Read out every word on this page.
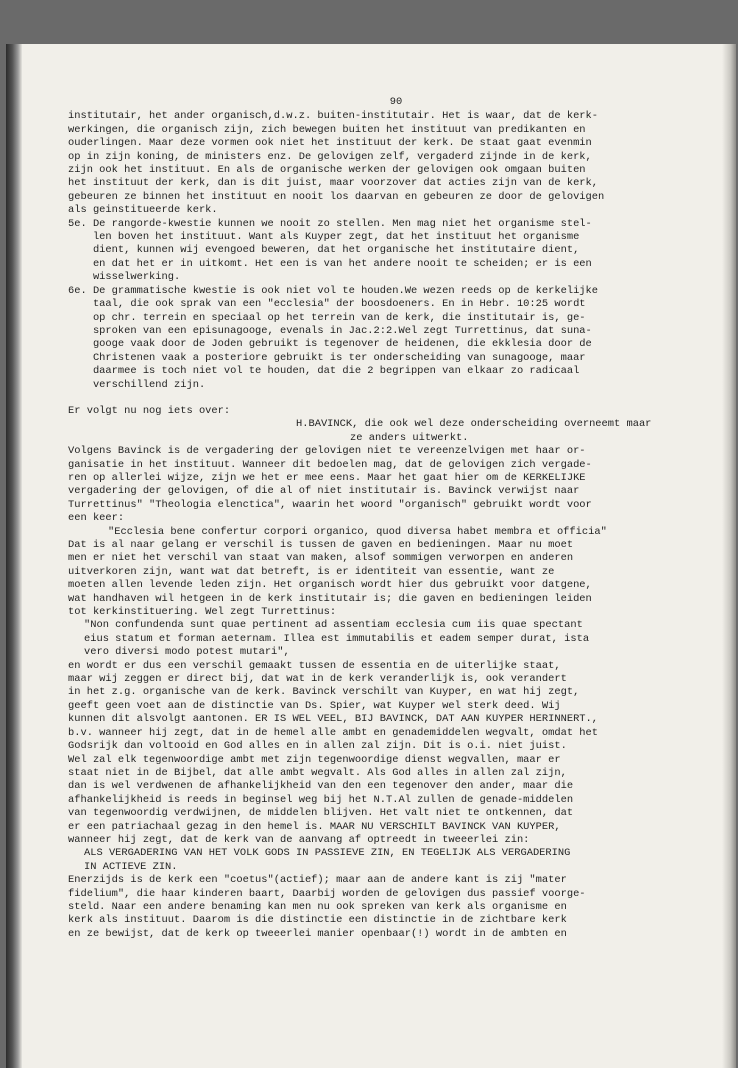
90
institutair, het ander organisch,d.w.z. buiten-institutair. Het is waar, dat de kerk-
werkingen, die organisch zijn, zich bewegen buiten het instituut van predikanten en
ouderlingen. Maar deze vormen ook niet het instituut der kerk. De staat gaat evenmin
op in zijn koning, de ministers enz. De gelovigen zelf, vergaderd zijnde in de kerk,
zijn ook het instituut. En als de organische werken der gelovigen ook omgaan buiten
het instituut der kerk, dan is dit juist, maar voorzover dat acties zijn van de kerk,
gebeuren ze binnen het instituut en nooit los daarvan en gebeuren ze door de gelovigen
als geinstitueerde kerk.
5e. De rangorde-kwestie kunnen we nooit zo stellen. Men mag niet het organisme stel-
len boven het instituut. Want als Kuyper zegt, dat het instituut het organisme
dient, kunnen wij evengoed beweren, dat het organische het institutaire dient,
en dat het er in uitkomt. Het een is van het andere nooit te scheiden; er is een
wisselwerking.
6e. De grammatische kwestie is ook niet vol te houden.We wezen reeds op de kerkelijke
taal, die ook sprak van een "ecclesia" der boosdoeners. En in Hebr. 10:25 wordt
op chr. terrein en speciaal op het terrein van de kerk, die institutair is, ge-
sproken van een episunagooge, evenals in Jac.2:2.Wel zegt Turrettinus, dat suna-
googe vaak door de Joden gebruikt is tegenover de heidenen, die ekklesia door de
Christenen vaak a posteriore gebruikt is ter onderscheiding van sunagooge, maar
daarmee is toch niet vol te houden, dat die 2 begrippen van elkaar zo radicaal
verschillend zijn.
Er volgt nu nog iets over:
H.BAVINCK, die ook wel deze onderscheiding overneemt maar
ze anders uitwerkt.
Volgens Bavinck is de vergadering der gelovigen niet te vereenzelvigen met haar or-
ganisatie in het instituut. Wanneer dit bedoelen mag, dat de gelovigen zich vergade-
ren op allerlei wijze, zijn we het er mee eens. Maar het gaat hier om de KERKELIJKE
vergadering der gelovigen, of die al of niet institutair is. Bavinck verwijst naar
Turrettinus" "Theologia elenctica", waarin het woord "organisch" gebruikt wordt voor
een keer:
"Ecclesia bene confertur corpori organico, quod diversa habet membra et officia"
Dat is al naar gelang er verschil is tussen de gaven en bedieningen. Maar nu moet
men er niet het verschil van staat van maken, alsof sommigen verworpen en anderen
uitverkoren zijn, want wat dat betreft, is er identiteit van essentie, want ze
moeten allen levende leden zijn. Het organisch wordt hier dus gebruikt voor datgene,
wat handhaven wil hetgeen in de kerk institutair is; die gaven en bedieningen leiden
tot kerkinstituering. Wel zegt Turrettinus:
"Non confundenda sunt quae pertinent ad assentiam ecclesia cum iis quae spectant
eius statum et forman aeternam. Illea est immutabilis et eadem semper durat, ista
vero diversi modo potest mutari",
en wordt er dus een verschil gemaakt tussen de essentia en de uiterlijke staat,
maar wij zeggen er direct bij, dat wat in de kerk veranderlijk is, ook verandert
in het z.g. organische van de kerk. Bavinck verschilt van Kuyper, en wat hij zegt,
geeft geen voet aan de distinctie van Ds. Spier, wat Kuyper wel sterk deed. Wij
kunnen dit alsvolgt aantonen. ER IS WEL VEEL, BIJ BAVINCK, DAT AAN KUYPER HERINNERT.,
b.v. wanneer hij zegt, dat in de hemel alle ambt en genademiddelen wegvalt, omdat het
Godsrijk dan voltooid en God alles en in allen zal zijn. Dit is o.i. niet juist.
Wel zal elk tegenwoordige ambt met zijn tegenwoordige dienst wegvallen, maar er
staat niet in de Bijbel, dat alle ambt wegvalt. Als God alles in allen zal zijn,
dan is wel verdwenen de afhankelijkheid van den een tegenover den ander, maar die
afhankelijkheid is reeds in beginsel weg bij het N.T.Al zullen de genade-middelen
van tegenwoordig verdwijnen, de middelen blijven. Het valt niet te ontkennen, dat
er een patriachaal gezag in den hemel is. MAAR NU VERSCHILT BAVINCK VAN KUYPER,
wanneer hij zegt, dat de kerk van de aanvang af optreedt in tweeerlei zin:
ALS VERGADERING VAN HET VOLK GODS IN PASSIEVE ZIN, EN TEGELIJK ALS VERGADERING
IN ACTIEVE ZIN.
Enerzijds is de kerk een "coetus"(actief); maar aan de andere kant is zij "mater
fidelium", die haar kinderen baart, Daarbij worden de gelovigen dus passief voorge-
steld. Naar een andere benaming kan men nu ook spreken van kerk als organisme en
kerk als instituut. Daarom is die distinctie een distinctie in de zichtbare kerk
en ze bewijst, dat de kerk op tweeerlei manier openbaar(!) wordt in de ambten en
